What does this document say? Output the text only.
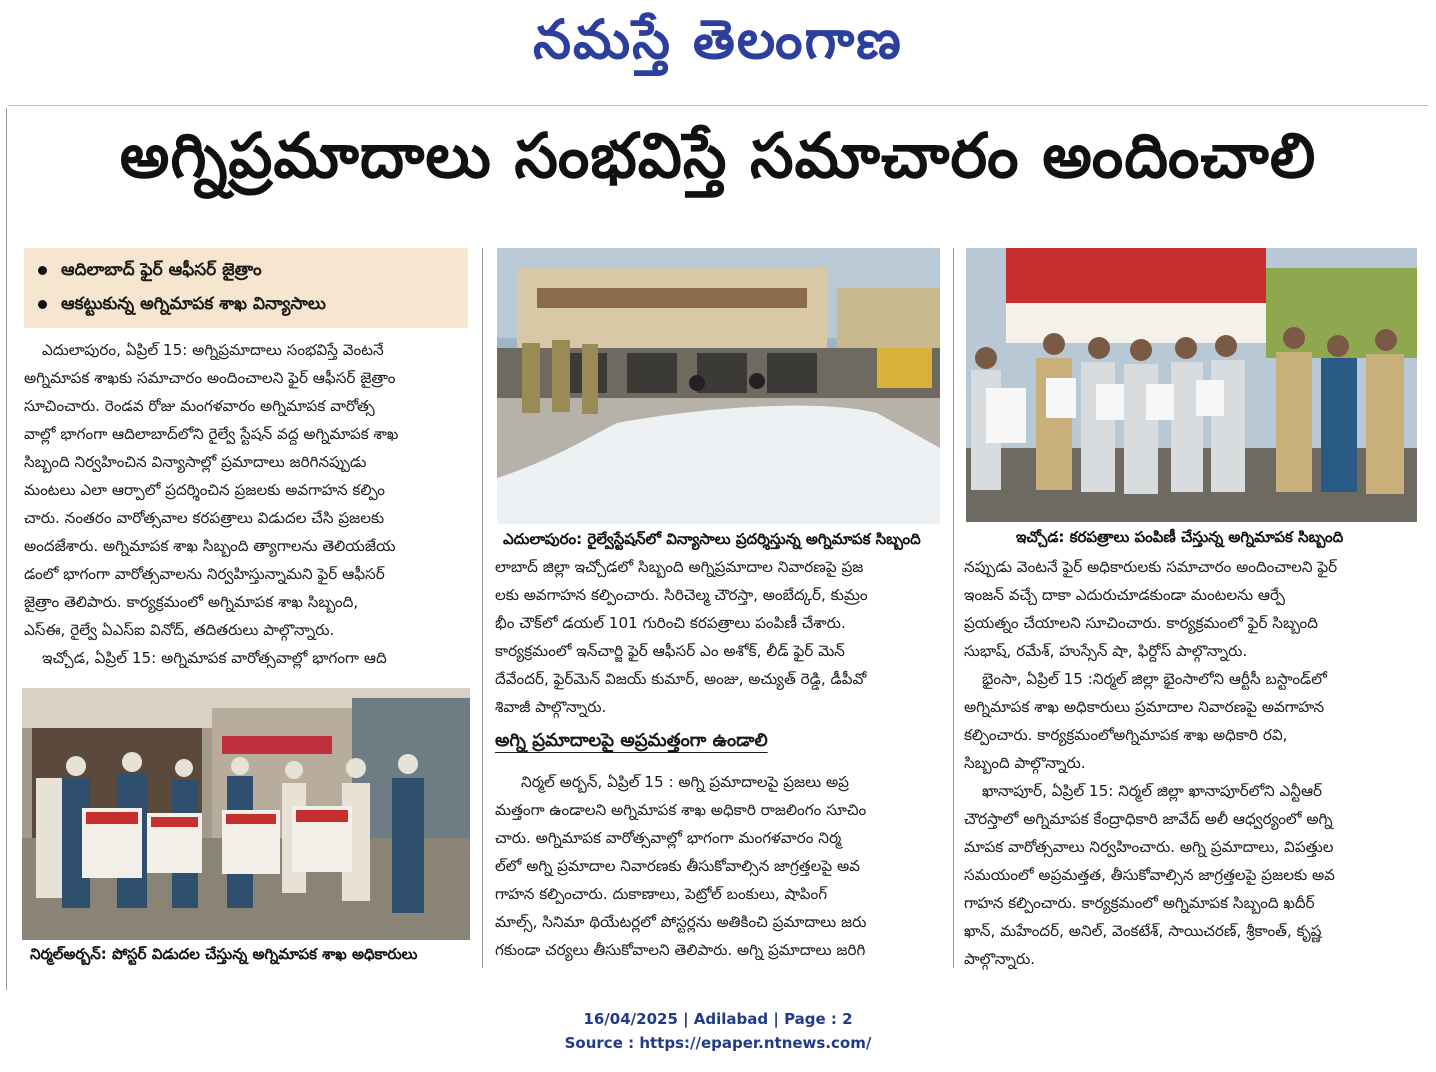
నమస్తే తెలంగాణ
అగ్నిప్రమాదాలు సంభవిస్తే సమాచారం అందించాలి
ఆదిలాబాద్ ఫైర్ ఆఫీసర్ జైత్రాం
ఆకట్టుకున్న అగ్నిమాపక శాఖ విన్యాసాలు

ఎదులాపురం, ఏప్రిల్ 15: అగ్నిప్రమాదాలు సంభవిస్తే వెంటనే

అగ్నిమాపక శాఖకు సమాచారం అందించాలని ఫైర్ ఆఫీసర్ జైత్రాం

సూచించారు. రెండవ రోజు మంగళవారం అగ్నిమాపక వారోత్స

వాల్లో భాగంగా ఆదిలాబాద్‌లోని రైల్వే స్టేషన్ వద్ద అగ్నిమాపక శాఖ

సిబ్బంది నిర్వహించిన విన్యాసాల్లో ప్రమాదాలు జరిగినప్పుడు

మంటలు ఎలా ఆర్పాలో ప్రదర్శించిన ప్రజలకు అవగాహన కల్పిం

చారు. నంతరం వారోత్సవాల కరపత్రాలు విడుదల చేసి ప్రజలకు

అందజేశారు. అగ్నిమాపక శాఖ సిబ్బంది త్యాగాలను తెలియజేయ

డంలో భాగంగా వారోత్సవాలను నిర్వహిస్తున్నామని ఫైర్ ఆఫీసర్

జైత్రాం తెలిపారు. కార్యక్రమంలో అగ్నిమాపక శాఖ సిబ్బంది,

ఎస్ఈ, రైల్వే ఏఎస్ఐ వినోద్, తదితరులు పాల్గొన్నారు.

ఇచ్చోడ, ఏప్రిల్ 15: అగ్నిమాపక వారోత్సవాల్లో భాగంగా ఆది

నిర్మల్అర్బన్: పోస్టర్ విడుదల చేస్తున్న అగ్నిమాపక శాఖ అధికారులు
ఎదులాపురం: రైల్వేస్టేషన్‌లో విన్యాసాలు ప్రదర్శిస్తున్న అగ్నిమాపక సిబ్బంది	ఇచ్చోడ: కరపత్రాలు పంపిణీ చేస్తున్న అగ్నిమాపక సిబ్బంది

లాబాద్ జిల్లా ఇచ్చోడలో సిబ్బంది అగ్నిప్రమాదాల నివారణపై ప్రజ

లకు అవగాహన కల్పించారు. సిరిచెల్మ చౌరస్తా, అంబేద్కర్, కుమ్రం

భీం చౌక్‌లో డయల్ 101 గురించి కరపత్రాలు పంపిణీ చేశారు.

కార్యక్రమంలో ఇన్‌చార్జి ఫైర్ ఆఫీసర్ ఎం అశోక్, లీడ్ ఫైర్ మెన్

దేవేందర్, ఫైర్‌మెన్ విజయ్ కుమార్, అంజు, అచ్యుత్ రెడ్డి, డీపీవో

శివాజీ పాల్గొన్నారు.

అగ్ని ప్రమాదాలపై అప్రమత్తంగా ఉండాలి

నిర్మల్ అర్బన్, ఏప్రిల్ 15 : అగ్ని ప్రమాదాలపై ప్రజలు అప్ర

మత్తంగా ఉండాలని అగ్నిమాపక శాఖ అధికారి రాజలింగం సూచిం

చారు. అగ్నిమాపక వారోత్సవాల్లో భాగంగా మంగళవారం నిర్మ

ల్‌లో అగ్ని ప్రమాదాల నివారణకు తీసుకోవాల్సిన జాగ్రత్తలపై అవ

గాహన కల్పించారు. దుకాణాలు, పెట్రోల్ బంకులు, షాపింగ్

మాల్స్, సినిమా థియేటర్లలో పోస్టర్లను అతికించి ప్రమాదాలు జరు

గకుండా చర్యలు తీసుకోవాలని తెలిపారు. అగ్ని ప్రమాదాలు జరిగి

నప్పుడు వెంటనే ఫైర్ అధికారులకు సమాచారం అందించాలని ఫైర్

ఇంజన్ వచ్చే దాకా ఎదురుచూడకుండా మంటలను ఆర్పే

ప్రయత్నం చేయాలని సూచించారు. కార్యక్రమంలో ఫైర్ సిబ్బంది

సుభాష్, రమేశ్, హుస్సేన్ షా, ఫిర్దోస్ పాల్గొన్నారు.

భైంసా, ఏప్రిల్ 15 :నిర్మల్ జిల్లా భైంసాలోని ఆర్టీసీ బస్టాండ్‌లో

అగ్నిమాపక శాఖ అధికారులు ప్రమాదాల నివారణపై అవగాహన

కల్పించారు. కార్యక్రమంలోఅగ్నిమాపక శాఖ అధికారి రవి,

సిబ్బంది పాల్గొన్నారు.

ఖానాపూర్, ఏప్రిల్ 15: నిర్మల్ జిల్లా ఖానాపూర్‌లోని ఎన్టీఆర్

చౌరస్తాలో అగ్నిమాపక కేంద్రాధికారి జావేద్ అలీ ఆధ్వర్యంలో అగ్ని

మాపక వారోత్సవాలు నిర్వహించారు. అగ్ని ప్రమాదాలు, విపత్తుల

సమయంలో అప్రమత్తత, తీసుకోవాల్సిన జాగ్రత్తలపై ప్రజలకు అవ

గాహన కల్పించారు. కార్యక్రమంలో అగ్నిమాపక సిబ్బంది ఖదీర్

ఖాన్, మహేందర్, అనిల్, వెంకటేశ్, సాయిచరణ్, శ్రీకాంత్, కృష్ణ

పాల్గొన్నారు.

16/04/2025 | Adilabad | Page : 2
Source : https://epaper.ntnews.com/
